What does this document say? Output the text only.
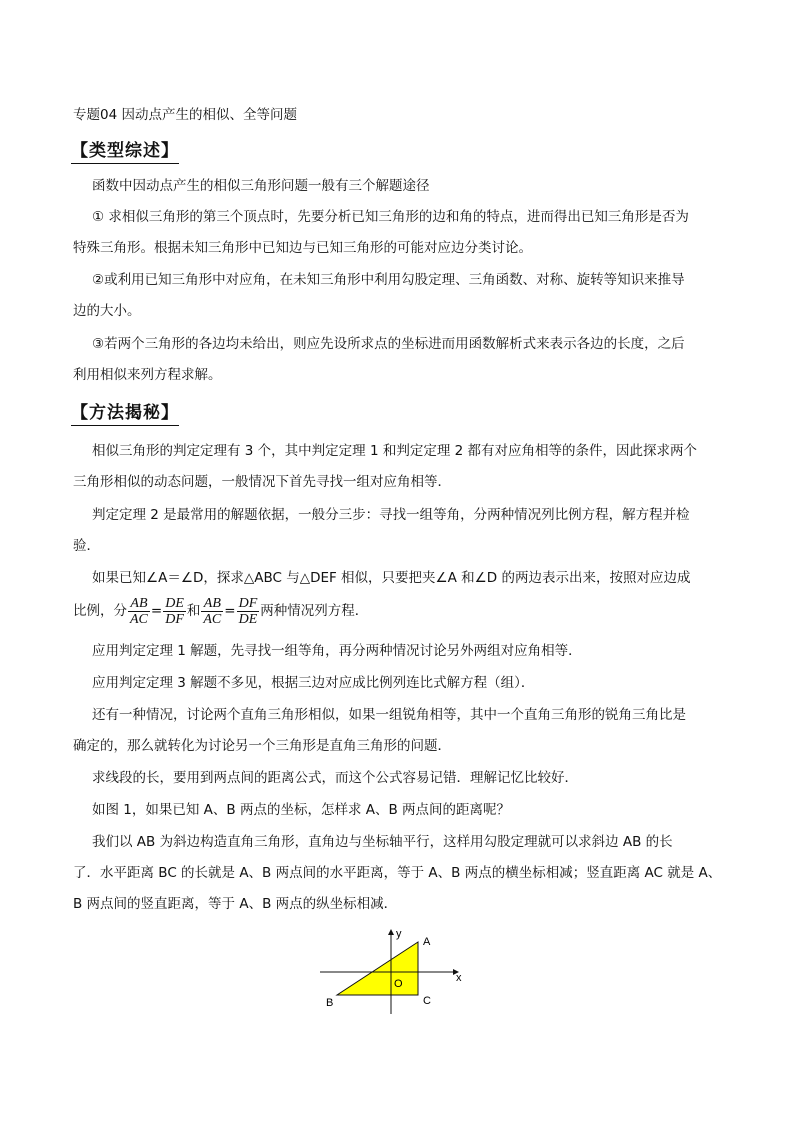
专题04 因动点产生的相似、全等问题
【类型综述】
函数中因动点产生的相似三角形问题一般有三个解题途径
① 求相似三角形的第三个顶点时，先要分析已知三角形的边和角的特点，进而得出已知三角形是否为
特殊三角形。根据未知三角形中已知边与已知三角形的可能对应边分类讨论。
②或利用已知三角形中对应角，在未知三角形中利用勾股定理、三角函数、对称、旋转等知识来推导
边的大小。
③若两个三角形的各边均未给出，则应先设所求点的坐标进而用函数解析式来表示各边的长度，之后
利用相似来列方程求解。
【方法揭秘】
相似三角形的判定定理有 3 个，其中判定定理 1 和判定定理 2 都有对应角相等的条件，因此探求两个
三角形相似的动态问题，一般情况下首先寻找一组对应角相等．
判定定理 2 是最常用的解题依据，一般分三步：寻找一组等角，分两种情况列比例方程，解方程并检
验．
如果已知∠A＝∠D，探求△ABC 与△DEF 相似，只要把夹∠A 和∠D 的两边表示出来，按照对应边成
比例，分 $\frac{AB}{AC} = \frac{DE}{DF}$ 和 $\frac{AB}{AC} = \frac{DF}{DE}$ 两种情况列方程．
应用判定定理 1 解题，先寻找一组等角，再分两种情况讨论另外两组对应角相等．
应用判定定理 3 解题不多见，根据三边对应成比例列连比式解方程（组）．
还有一种情况，讨论两个直角三角形相似，如果一组锐角相等，其中一个直角三角形的锐角三角比是
确定的，那么就转化为讨论另一个三角形是直角三角形的问题．
求线段的长，要用到两点间的距离公式，而这个公式容易记错．理解记忆比较好．
如图 1，如果已知 A、B 两点的坐标，怎样求 A、B 两点间的距离呢？
我们以 AB 为斜边构造直角三角形，直角边与坐标轴平行，这样用勾股定理就可以求斜边 AB 的长
了．水平距离 BC 的长就是 A、B 两点间的水平距离，等于 A、B 两点的横坐标相减；竖直距离 AC 就是 A、
B 两点间的竖直距离，等于 A、B 两点的纵坐标相减．
y
x
A
B	C
O
